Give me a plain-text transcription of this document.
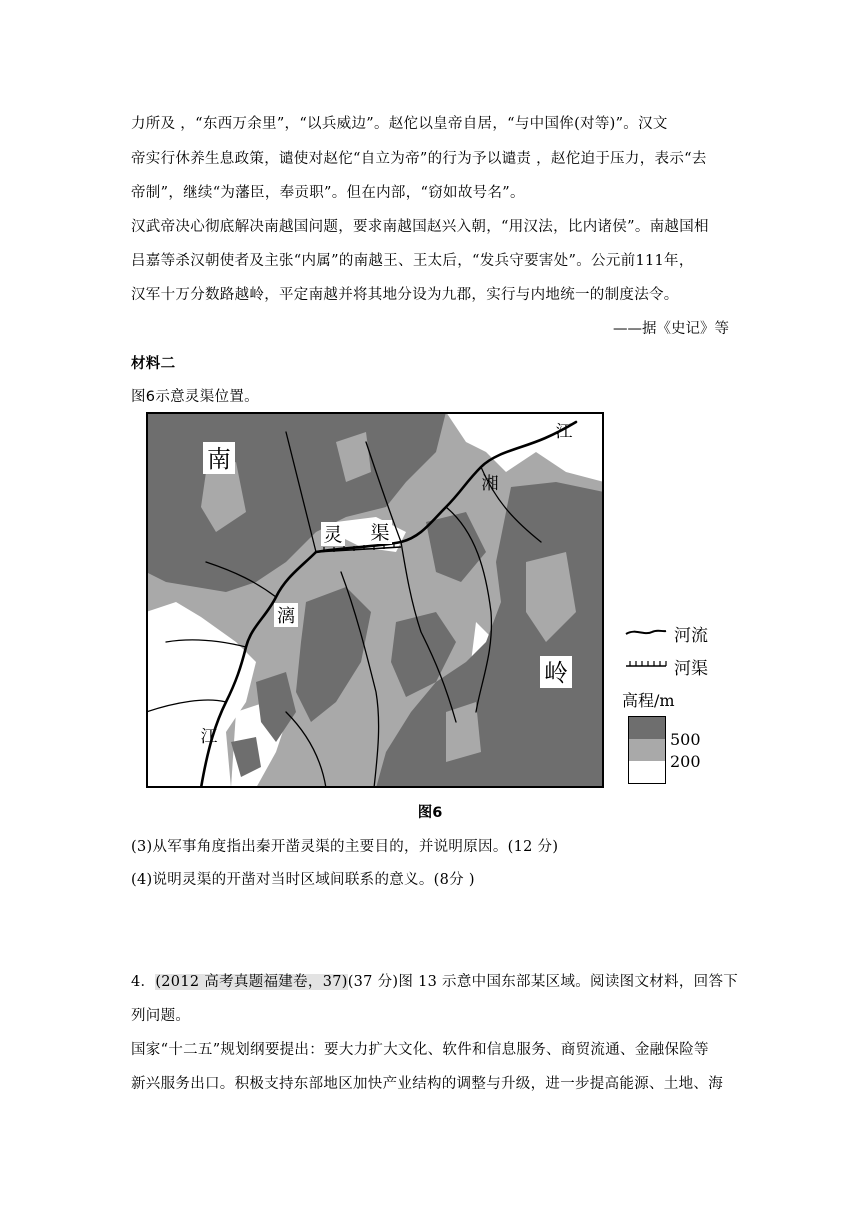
力所及 ，“东西万余里”，“以兵威边”。赵佗以皇帝自居，“与中国侔(对等)”。汉文
帝实行休养生息政策，谴使对赵佗“自立为帝”的行为予以谴责 ，赵佗迫于压力，表示“去
帝制”，继续“为藩臣，奉贡职”。但在内部，“窃如故号名”。
汉武帝决心彻底解决南越国问题，要求南越国赵兴入朝，“用汉法，比内诸侯”。南越国相
吕嘉等杀汉朝使者及主张“内属”的南越王、王太后，“发兵守要害处”。公元前111年，
汉军十万分数路越岭，平定南越并将其地分设为九郡，实行与内地统一的制度法令。
——据《史记》等
材料二
图6示意灵渠位置。
南
岭
灵 渠
漓
江
湘
江
河流
河渠
高程/m
500
200
图6
(3)从军事角度指出秦开凿灵渠的主要目的，并说明原因。(12 分)
(4)说明灵渠的开凿对当时区域间联系的意义。(8分 )
4．(2012 高考真题福建卷，37)(37 分)图 13 示意中国东部某区域。阅读图文材料，回答下
列问题。
国家“十二五”规划纲要提出：要大力扩大文化、软件和信息服务、商贸流通、金融保险等
新兴服务出口。积极支持东部地区加快产业结构的调整与升级，进一步提高能源、土地、海
